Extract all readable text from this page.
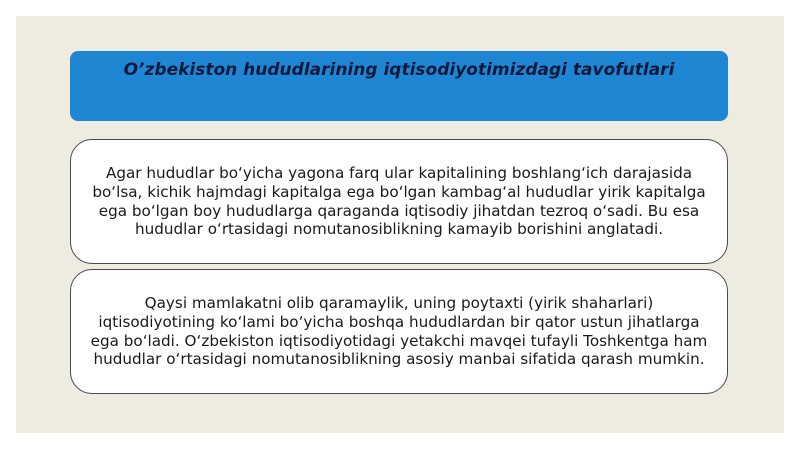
O’zbekiston hududlarining iqtisodiyotimizdagi tavofutlari
Agar hududlar bo‘yicha yagona farq ular kapitalining boshlang‘ich darajasida bo‘lsa, kichik hajmdagi kapitalga ega bo‘lgan kambag‘al hududlar yirik kapitalga ega bo‘lgan boy hududlarga qaraganda iqtisodiy jihatdan tezroq o‘sadi. Bu esa hududlar o‘rtasidagi nomutanosiblikning kamayib borishini anglatadi.
Qaysi mamlakatni olib qaramaylik, uning poytaxti (yirik shaharlari) iqtisodiyotining ko‘lami bo‘yicha boshqa hududlardan bir qator ustun jihatlarga ega bo‘ladi. O‘zbekiston iqtisodiyotidagi yetakchi mavqei tufayli Toshkentga ham hududlar o‘rtasidagi nomutanosiblikning asosiy manbai sifatida qarash mumkin.
